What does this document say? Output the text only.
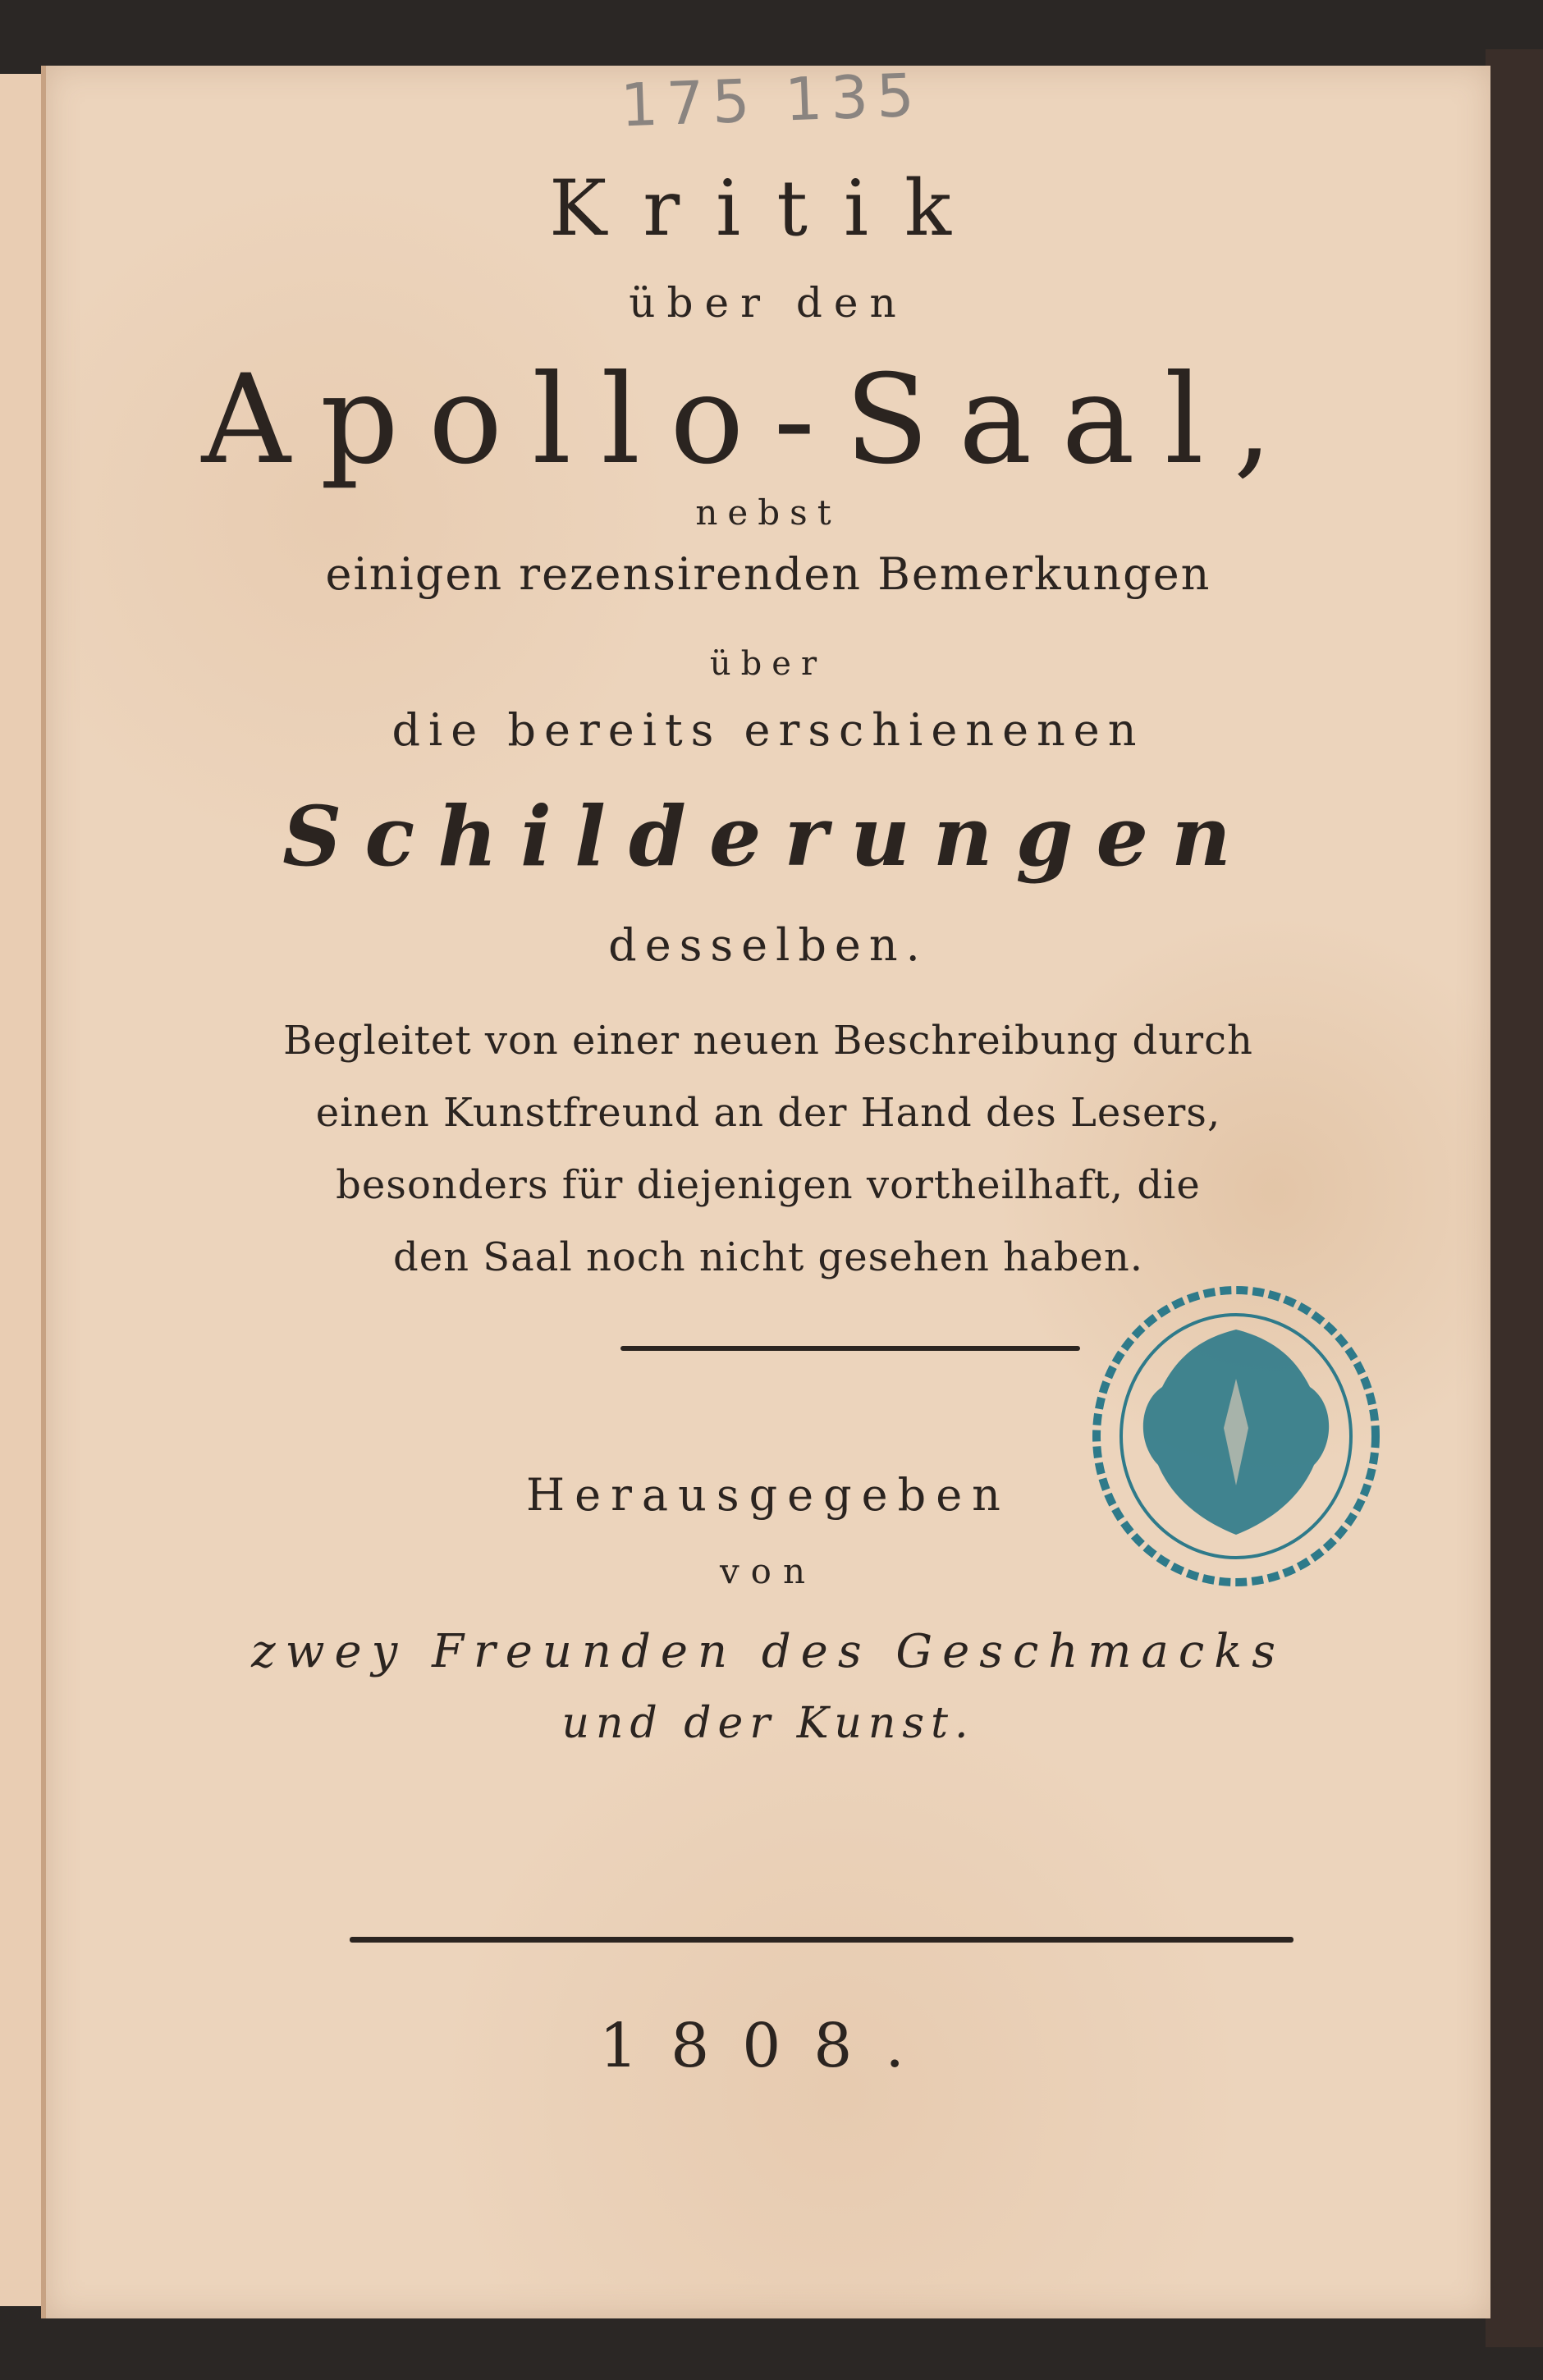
175 135
Kritik
über den
Apollo-Saal,
nebst
einigen rezensirenden Bemerkungen
über
die bereits erschienenen
Schilderungen
desselben.
Begleitet von einer neuen Beschreibung durch
einen Kunstfreund an der Hand des Lesers,
besonders für diejenigen vortheilhaft, die
den Saal noch nicht gesehen haben.
Herausgegeben
von
zwey Freunden des Geschmacks
und der Kunst.
1808.
